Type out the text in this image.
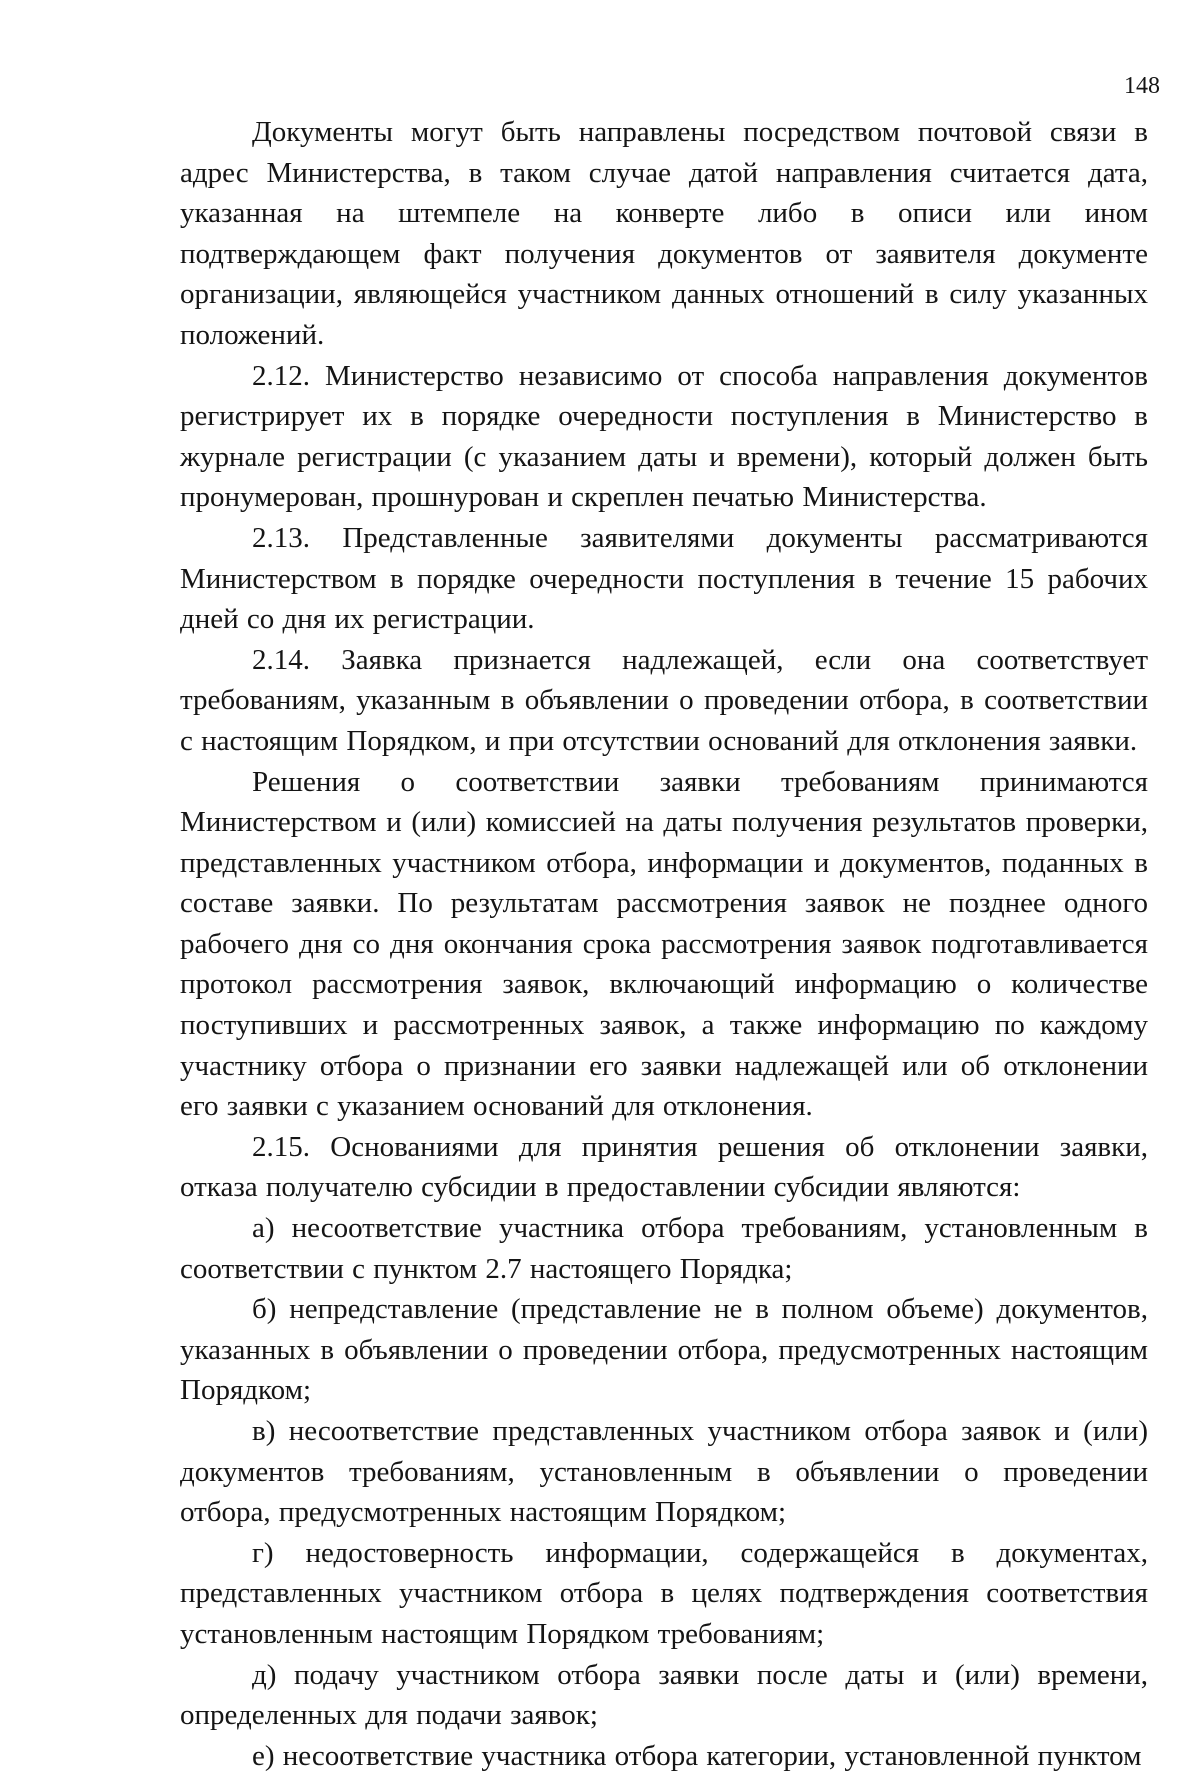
148

Документы могут быть направлены посредством почтовой связи в адрес Министерства, в таком случае датой направления считается дата, указанная на штемпеле на конверте либо в описи или ином подтверждающем факт получения документов от заявителя документе организации, являющейся участником данных отношений в силу указанных положений.

2.12. Министерство независимо от способа направления документов регистрирует их в порядке очередности поступления в Министерство в журнале регистрации (с указанием даты и времени), который должен быть пронумерован, прошнурован и скреплен печатью Министерства.

2.13. Представленные заявителями документы рассматриваются Министерством в порядке очередности поступления в течение 15 рабочих дней со дня их регистрации.

2.14. Заявка признается надлежащей, если она соответствует требованиям, указанным в объявлении о проведении отбора, в соответствии с настоящим Порядком, и при отсутствии оснований для отклонения заявки.

Решения о соответствии заявки требованиям принимаются Министерством и (или) комиссией на даты получения результатов проверки, представленных участником отбора, информации и документов, поданных в составе заявки. По результатам рассмотрения заявок не позднее одного рабочего дня со дня окончания срока рассмотрения заявок подготавливается протокол рассмотрения заявок, включающий информацию о количестве поступивших и рассмотренных заявок, а также информацию по каждому участнику отбора о признании его заявки надлежащей или об отклонении его заявки с указанием оснований для отклонения.

2.15. Основаниями для принятия решения об отклонении заявки, отказа получателю субсидии в предоставлении субсидии являются:

а) несоответствие участника отбора требованиям, установленным в соответствии с пунктом 2.7 настоящего Порядка;

б) непредставление (представление не в полном объеме) документов, указанных в объявлении о проведении отбора, предусмотренных настоящим Порядком;

в) несоответствие представленных участником отбора заявок и (или) документов требованиям, установленным в объявлении о проведении отбора, предусмотренных настоящим Порядком;

г) недостоверность информации, содержащейся в документах, представленных участником отбора в целях подтверждения соответствия установленным настоящим Порядком требованиям;

д) подачу участником отбора заявки после даты и (или) времени, определенных для подачи заявок;

е) несоответствие участника отбора категории, установленной пунктом
